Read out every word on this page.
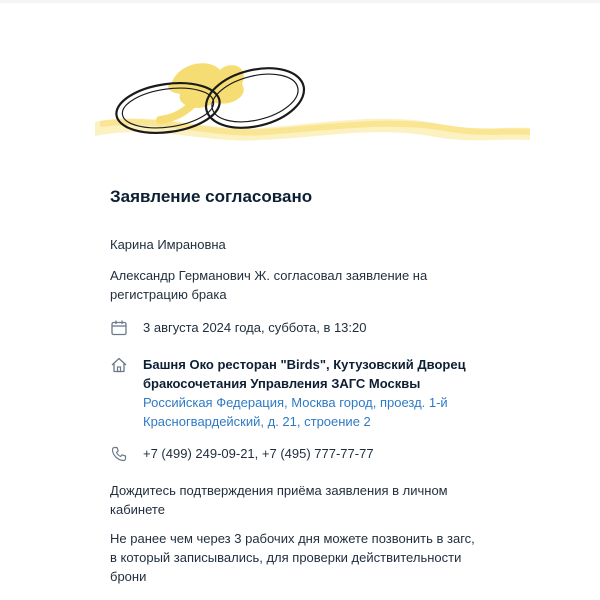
Заявление согласовано

Карина Имрановна

Александр Германович Ж. согласовал заявление на регистрацию брака

3 августа 2024 года, суббота, в 13:20
Башня Око ресторан "Birds", Кутузовский Дворец бракосочетания Управления ЗАГС Москвы
Российская Федерация, Москва город, проезд. 1-й Красногвардейский, д. 21, строение 2
+7 (499) 249-09-21, +7 (495) 777-77-77

Дождитесь подтверждения приёма заявления в личном кабинете

Не ранее чем через 3 рабочих дня можете позвонить в загс, в который записывались, для проверки действительности брони
